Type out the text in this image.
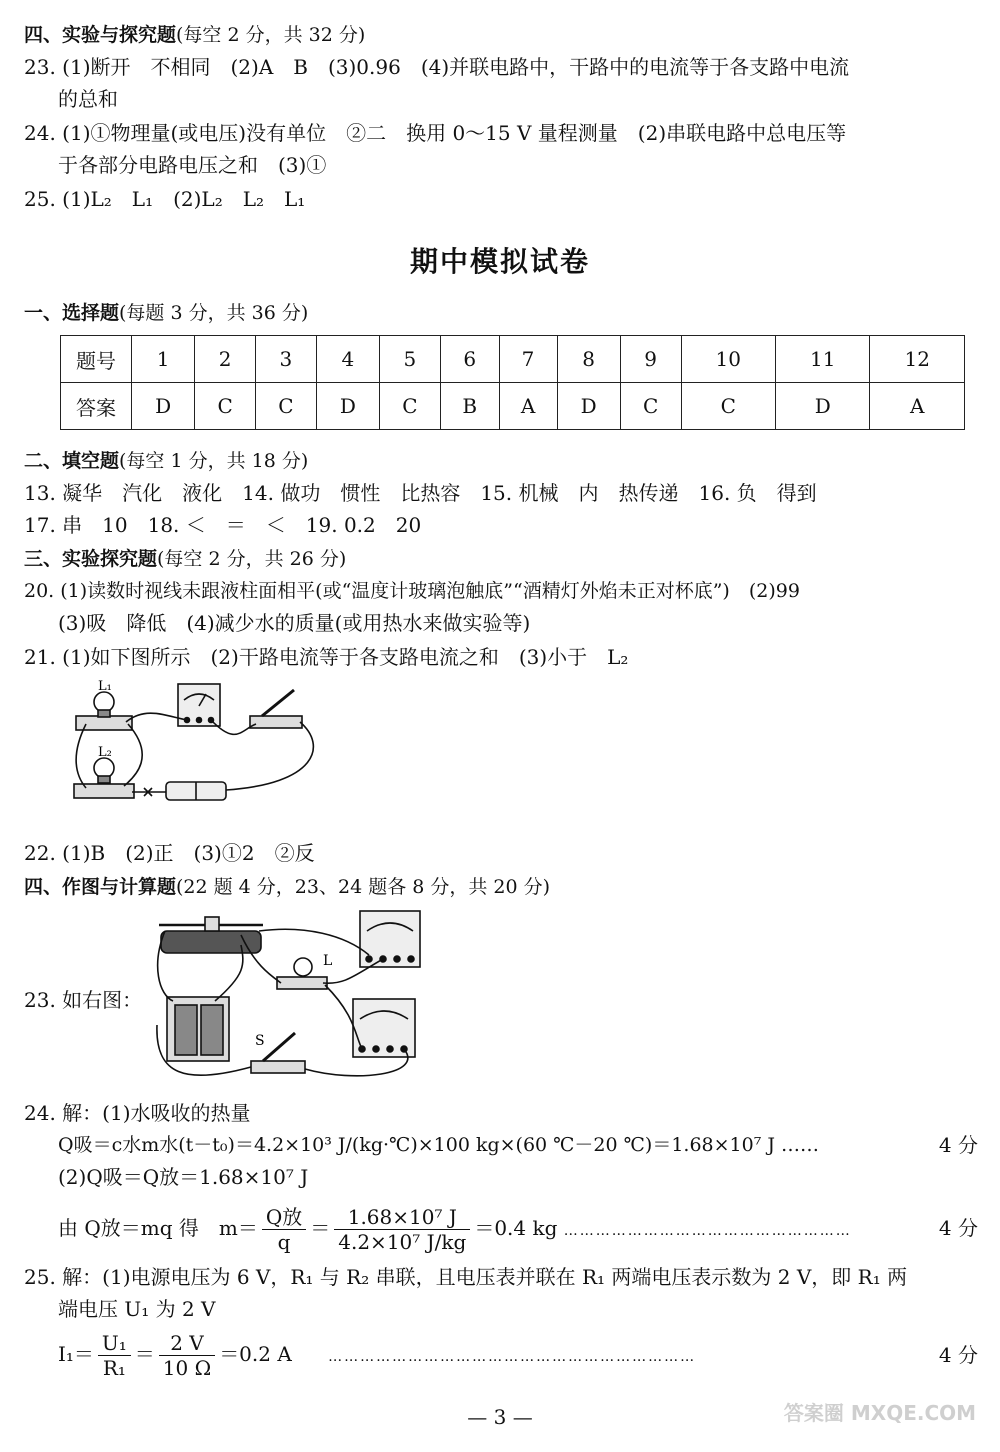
四、实验与探究题(每空 2 分，共 32 分)
23. (1)断开　不相同　(2)A　B　(3)0.96　(4)并联电路中，干路中的电流等于各支路中电流
的总和
24. (1)①物理量(或电压)没有单位　②二　换用 0～15 V 量程测量　(2)串联电路中总电压等
于各部分电路电压之和　(3)①
25. (1)L₂　L₁　(2)L₂　L₂　L₁
期中模拟试卷
一、选择题(每题 3 分，共 36 分)
题号	1	2	3	4	5	6	7	8	9	10	11	12
答案	D	C	C	D	C	B	A	D	C	C	D	A
二、填空题(每空 1 分，共 18 分)
13. 凝华　汽化　液化　14. 做功　惯性　比热容　15. 机械　内　热传递　16. 负　得到
17. 串　10　18. ＜　＝　＜　19. 0.2　20
三、实验探究题(每空 2 分，共 26 分)
20. (1)读数时视线未跟液柱面相平(或“温度计玻璃泡触底”“酒精灯外焰未正对杯底”)　(2)99
(3)吸　降低　(4)减少水的质量(或用热水来做实验等)
21. (1)如下图所示　(2)干路电流等于各支路电流之和　(3)小于　L₂
L₁
L₂
22. (1)B　(2)正　(3)①2　②反
四、作图与计算题(22 题 4 分，23、24 题各 8 分，共 20 分)
23. 如右图：
L
S
24. 解：(1)水吸收的热量
Q吸＝c水m水(t－t₀)＝4.2×10³ J/(kg·℃)×100 kg×(60 ℃－20 ℃)＝1.68×10⁷ J ……	4 分
(2)Q吸＝Q放＝1.68×10⁷ J
由 Q放＝mq 得　$m= \frac{\text{Q放}}{q} = \frac{\text{1.68×10⁷ J}}{\text{4.2×10⁷ J/kg}} =0.4$ kg ………………………………………………	4 分
25. 解：(1)电源电压为 6 V，R₁ 与 R₂ 串联，且电压表并联在 R₁ 两端电压表示数为 2 V，即 R₁ 两
端电压 U₁ 为 2 V
$I_1= \frac{\text{U₁}}{\text{R₁}} = \frac{2 V}{10 \Omega} =0.2$ A	……………………………………………………………	4 分
— 3 —	答案圈 MXQE.COM
